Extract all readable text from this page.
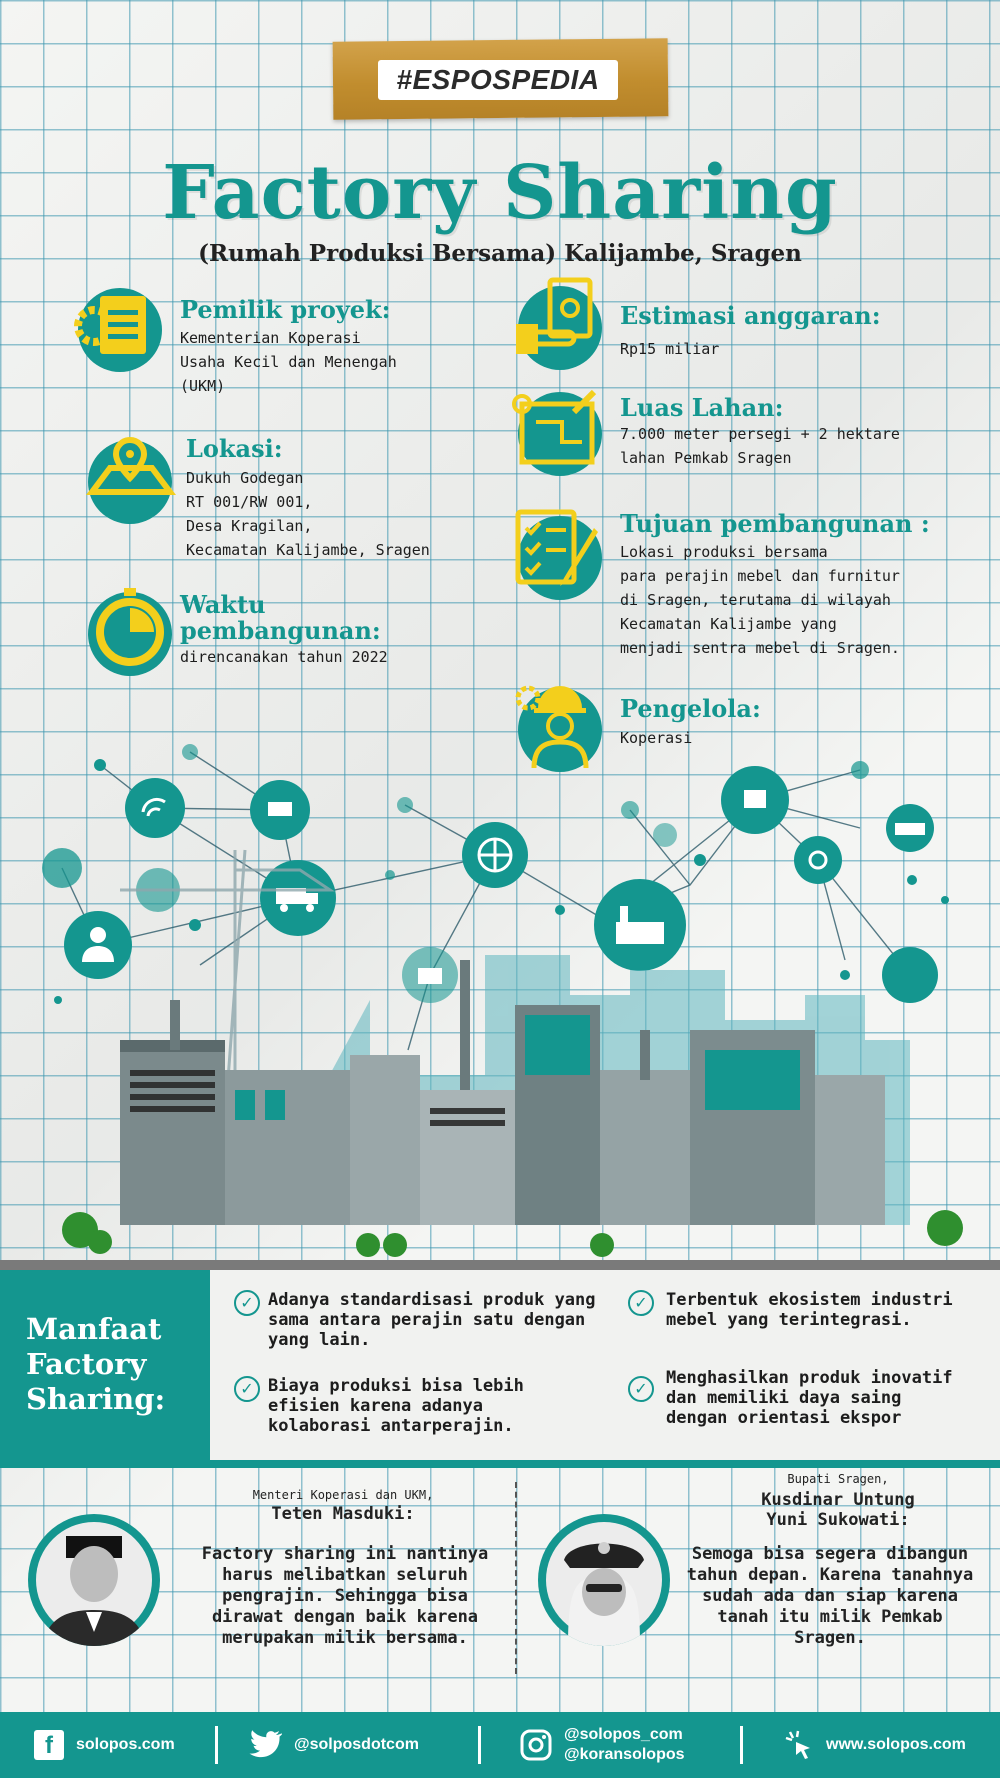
#ESPOSPEDIA
Factory Sharing
(Rumah Produksi Bersama) Kalijambe, Sragen
Pemilik proyek:
Kementerian Koperasi
Usaha Kecil dan Menengah
(UKM)
Lokasi:
Dukuh Godegan
RT 001/RW 001,
Desa Kragilan,
Kecamatan Kalijambe, Sragen
Waktu
pembangunan:
direncanakan tahun 2022
Estimasi anggaran:
Rp15 miliar
Luas Lahan:
7.000 meter persegi + 2 hektare
lahan Pemkab Sragen
Tujuan pembangunan :
Lokasi produksi bersama
para perajin mebel dan furnitur
di Sragen, terutama di wilayah
Kecamatan Kalijambe yang
menjadi sentra mebel di Sragen.
Pengelola:
Koperasi
Manfaat
Factory
Sharing:
✓ Adanya standardisasi produk yang sama antara perajin satu dengan yang lain.
✓ Biaya produksi bisa lebih efisien karena adanya kolaborasi antarperajin.
✓	Terbentuk ekosistem industri mebel yang terintegrasi.
✓
Menghasilkan produk inovatif dan memiliki daya saing dengan orientasi ekspor
Menteri Koperasi dan UKM,
Teten Masduki:
Factory sharing ini nantinya harus melibatkan seluruh pengrajin. Sehingga bisa dirawat dengan baik karena merupakan milik bersama.
Bupati Sragen,
Kusdinar Untung
Yuni Sukowati:
Semoga bisa segera dibangun tahun depan. Karena tanahnya sudah ada dan siap karena tanah itu milik Pemkab Sragen.
f	solopos.com	@solposdotcom
@solopos_com
@koransolopos
www.solopos.com
